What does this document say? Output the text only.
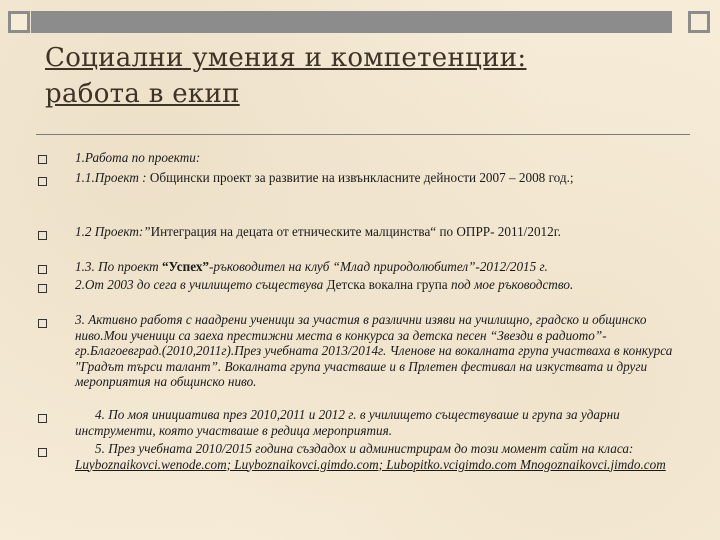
Социални умения и компетенции:
работа в екип
1.Работа по проекти:
1.1.Проект : Общински проект за развитие на извънкласните дейности 2007 – 2008 год.;
1.2 Проект:”Интеграция на децата от етническите малцинства“ по ОПРР- 2011/2012г.
1.3. По проект “Успех”-ръководител на клуб “Млад природолюбител”-2012/2015 г.
2.От 2003 до сега в училището съществува Детска вокална група под мое ръководство.
3. Активно работя с наадрени ученици за участия в различни изяви на училищно, градско и общинско ниво.Мои ученици са заеха престижни места в конкурса за детска песен “Звезди в радиото”-гр.Благоевград.(2010,2011г).През учебната 2013/2014г. Членове на вокалната група участваха в конкурса "Градът търси талант”. Вокалната група участваше и в Прлетен фестивал на изкуствата и други мероприятия на общинско ниво.
4. По моя инициатива през 2010,2011 и 2012 г. в училището съществуваше и група за ударни инструменти, която участваше в редица мероприятия.
5. През учебната 2010/2015 година създадох и администрирам до този момент сайт на класа: Luyboznaikovci.wenode.com; Luyboznaikovci.gimdo.com; Lubopitko.vcigimdo.com Mnogoznaikovci.jimdo.com
